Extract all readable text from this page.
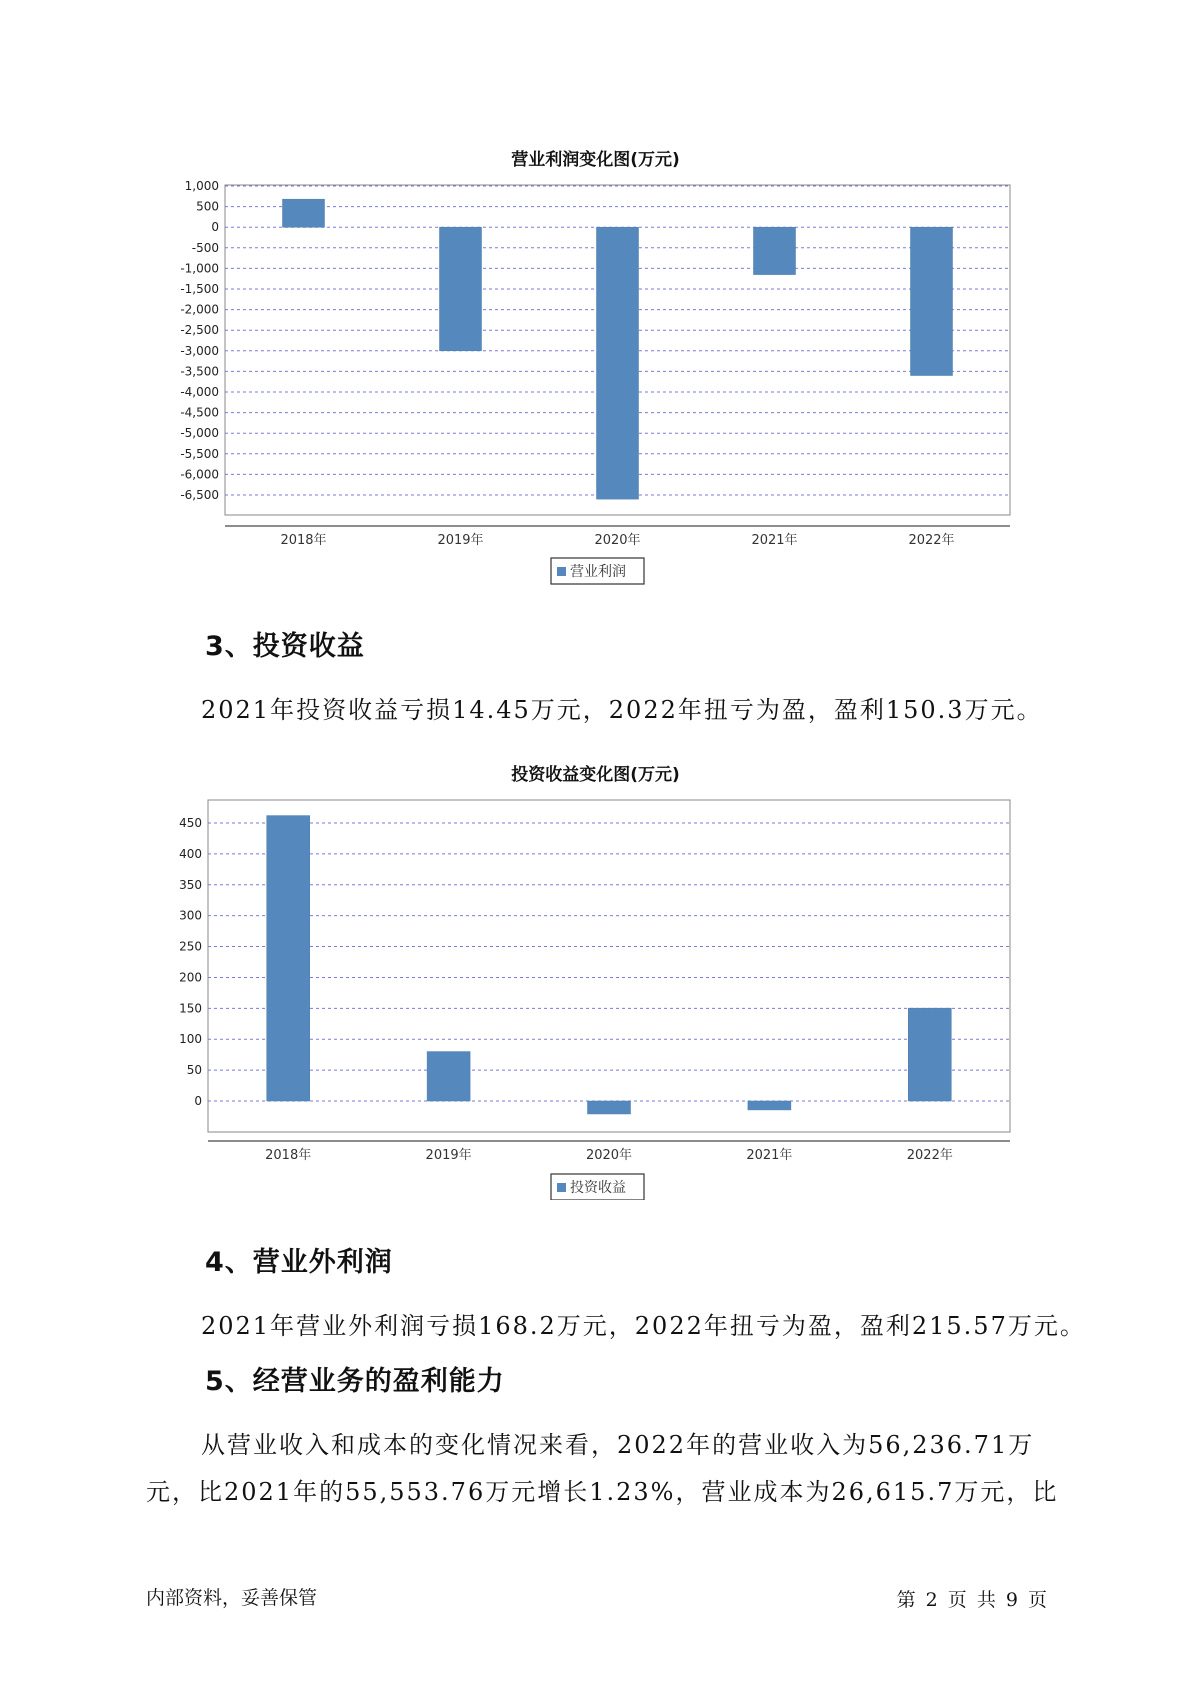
营业利润变化图(万元)
1,000
500
0
-500
-1,000
-1,500
-2,000
-2,500
-3,000
-3,500
-4,000
-4,500
-5,000
-5,500
-6,000
-6,500
2018年	2019年	2020年	2021年	2022年
营业利润
3、投资收益
2021年投资收益亏损14.45万元，2022年扭亏为盈，盈利150.3万元。
投资收益变化图(万元)
450
400
350
300
250
200
150
100
50
0
2018年	2019年	2020年	2021年	2022年
投资收益
4、营业外利润
2021年营业外利润亏损168.2万元，2022年扭亏为盈，盈利215.57万元。
5、经营业务的盈利能力
从营业收入和成本的变化情况来看，2022年的营业收入为56,236.71万
元，比2021年的55,553.76万元增长1.23%，营业成本为26,615.7万元，比
内部资料，妥善保管	第 2 页 共 9 页
